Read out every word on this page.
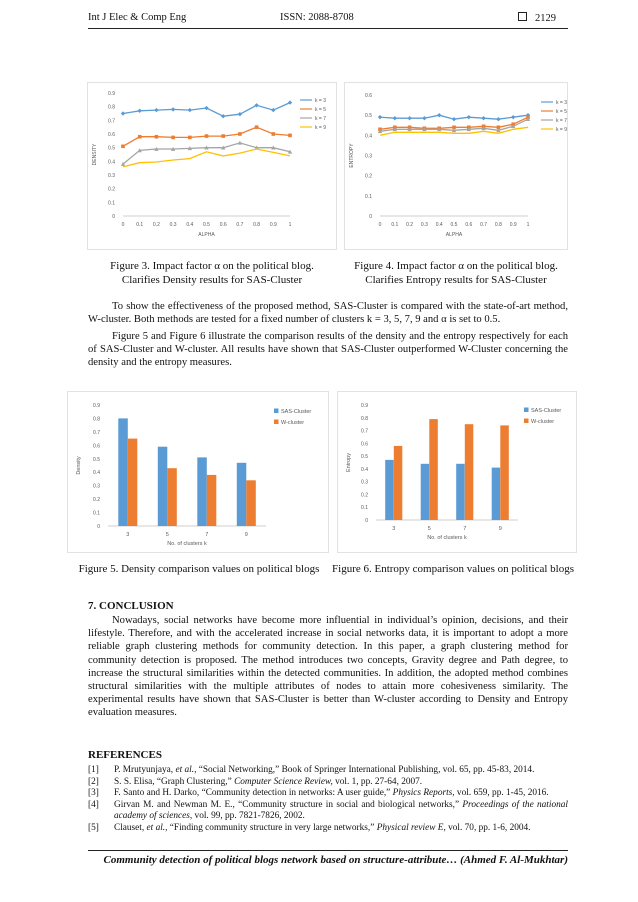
Int J Elec & Comp Eng	ISSN: 2088-8708	2129
0
0.1
0.2
0.3
0.4
0.5
0.6
0.7
0.8
0.9
0 0.1 0.2 0.3 0.4 0.5 0.6 0.7 0.8 0.9 1
ALPHA
DENSITY
k = 3
k = 5
k = 7
k = 9
Figure 3. Impact factor α on the political blog.
Clarifies Density results for SAS-Cluster
0
0.1
0.2
0.3
0.4
0.5
0.6
0 0.1 0.2 0.3 0.4 0.5 0.6 0.7 0.8 0.9 1
ALPHA
ENTROPY
k = 3
k = 5
k = 7
k = 9
Figure 4. Impact factor α on the political blog.
Clarifies Entropy results for SAS-Cluster
To show the effectiveness of the proposed method, SAS-Cluster is compared with the state-of-art method, W-cluster. Both methods are tested for a fixed number of clusters k = 3, 5, 7, 9 and α is set to 0.5.
Figure 5 and Figure 6 illustrate the comparison results of the density and the entropy respectively for each of SAS-Cluster and W-cluster. All results have shown that SAS-Cluster outperformed W-Cluster concerning the density and the entropy measures.
0
0.1
0.2
0.3
0.4
0.5
0.6
0.7
0.8
0.9
3	5	7	9
No. of clusters k
Density
SAS-Cluster
W-cluster
Figure 5. Density comparison values on political blogs
0
0.1
0.2
0.3
0.4
0.5
0.6
0.7
0.8
0.9
3	5	7	9
No. of clusters k
Entropy
SAS-Cluster
W-cluster
Figure 6. Entropy comparison values on political blogs
7. CONCLUSION
Nowadays, social networks have become more influential in individual’s opinion, decisions, and their lifestyle. Therefore, and with the accelerated increase in social networks data, it is important to adopt a more reliable graph clustering methods for community detection. In this paper, a graph clustering method for community detection is proposed. The method introduces two concepts, Gravity degree and Path degree, to increase the structural similarities within the detected communities. In addition, the adopted method combines structural similarities with the multiple attributes of nodes to attain more cohesiveness similarity. The experimental results have shown that SAS-Cluster is better than W-cluster according to Density and Entropy evaluation measures.
REFERENCES
[1]	P. Mrutyunjaya, et al., “Social Networking,” Book of Springer International Publishing, vol. 65, pp. 45-83, 2014.
[2]	S. S. Elisa, “Graph Clustering,” Computer Science Review, vol. 1, pp. 27-64, 2007.
[3]	F. Santo and H. Darko, “Community detection in networks: A user guide,” Physics Reports, vol. 659, pp. 1-45, 2016.
[4]	Girvan M. and Newman M. E., “Community structure in social and biological networks,” Proceedings of the national academy of sciences, vol. 99, pp. 7821-7826, 2002.
[5]	Clauset, et al., “Finding community structure in very large networks,” Physical review E, vol. 70, pp. 1-6, 2004.
Community detection of political blogs network based on structure-attribute… (Ahmed F. Al-Mukhtar)
